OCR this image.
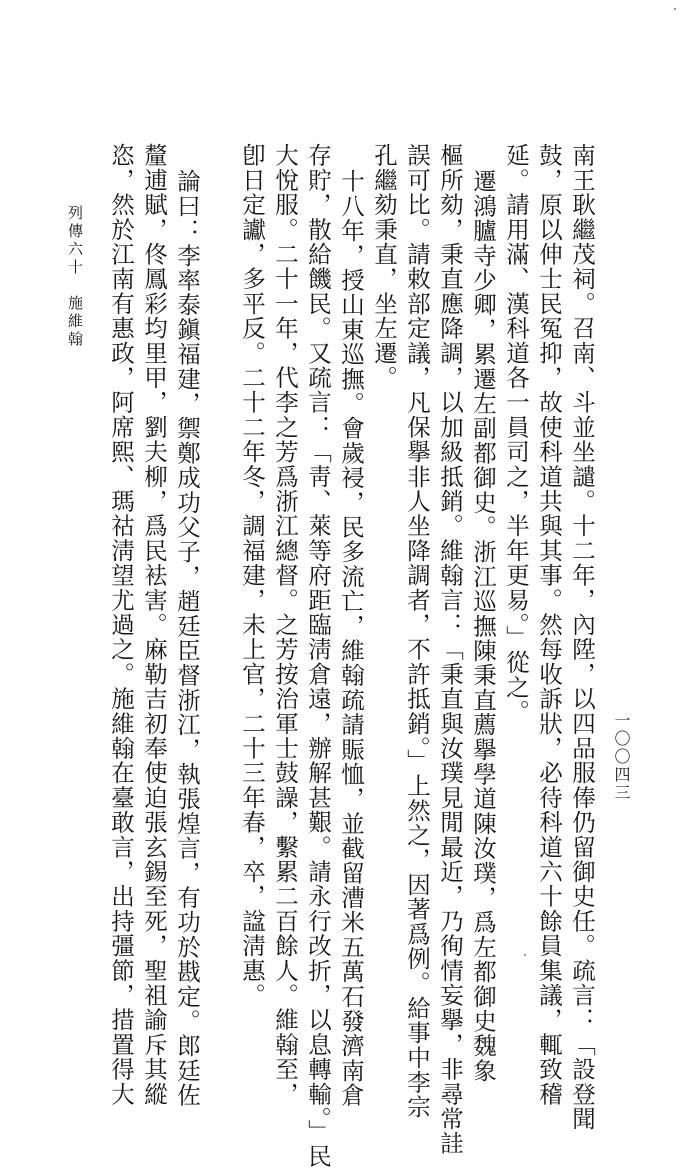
南王耿繼茂祠。召南、斗並坐譴。十二年，內陞，以四品服俸仍留御史任。疏言：「設登聞
鼓，原以伸士民冤抑，故使科道共與其事。然每收訴狀，必待科道六十餘員集議，輒致稽
延。請用滿、漢科道各一員司之，半年更易。」從之。
遷鴻臚寺少卿，累遷左副都御史。浙江巡撫陳秉直薦擧學道陳汝璞，爲左都御史魏象
樞所劾，秉直應降調，以加級抵銷。維翰言：「秉直與汝璞見閒最近，乃徇情妄擧，非尋常詿
誤可比。請敕部定議，凡保擧非人坐降調者，不許抵銷。」上然之，因著爲例。給事中李宗
孔繼劾秉直，坐左遷。
十八年，授山東巡撫。會歲祲，民多流亡，維翰疏請賑恤，並截留漕米五萬石發濟南倉
存貯，散給饑民。又疏言：「靑、萊等府距臨淸倉遠，辦解甚艱。請永行改折，以息轉輸。」民
大悅服。二十一年，代李之芳爲浙江總督。之芳按治軍士鼓譟，繫累二百餘人。維翰至，
卽日定讞，多平反。二十二年冬，調福建，未上官，二十三年春，卒，諡淸惠。
論曰：李率泰鎭福建，禦鄭成功父子，趙廷臣督浙江，執張煌言，有功於戡定。郎廷佐
釐逋賦，佟鳳彩均里甲，劉夫柳，爲民袪害。麻勒吉初奉使迫張玄錫至死，聖祖諭斥其縱
恣，然於江南有惠政，阿席熙、瑪祜淸望尤過之。施維翰在臺敢言，出持彊節，措置得大
列傳六十
施維翰
一〇〇四三
